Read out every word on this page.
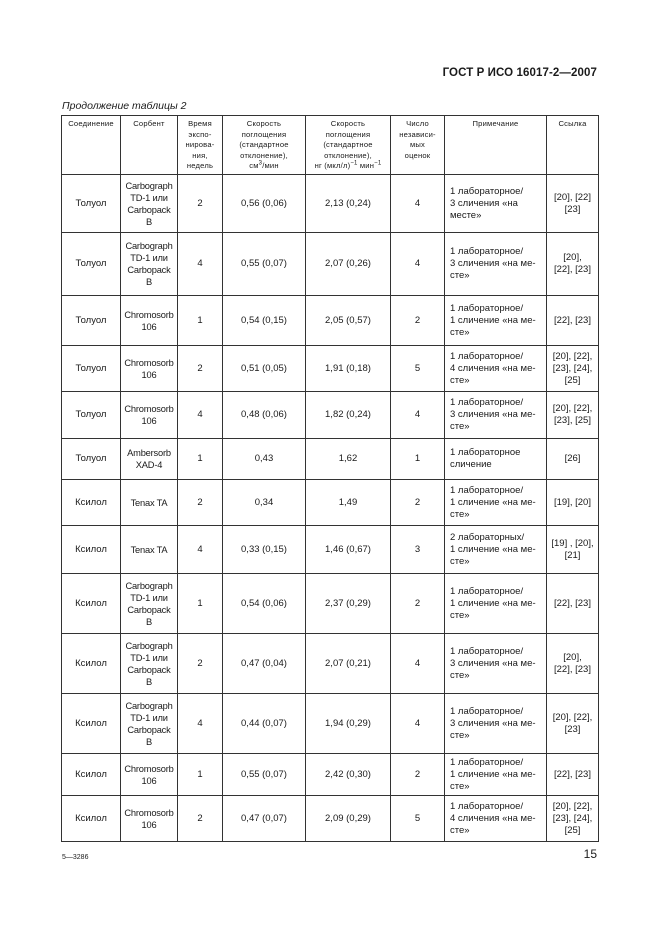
ГОСТ Р ИСО 16017-2—2007
Продолжение таблицы 2
Соединение	Сорбент	Время
экспо-
нирова-
ния,
недель	Скорость
поглощения
(стандартное
отклонение),
$см^3$/мин	Скорость
поглощения
(стандартное
отклонение),
нг $(мкл/л)^{-1}$ мин$^{-1}$	Число
независи-
мых
оценок	Примечание	Ссылка
Толуол	Carbograph
TD-1 или
Carbopack
B	2	0,56 (0,06)	2,13 (0,24)	4	1 лабораторное/
3 сличения «на
месте»	[20], [22]
[23]
Толуол	Carbograph
TD-1 или
Carbopack
B	4	0,55 (0,07)	2,07 (0,26)	4	1 лабораторное/
3 сличения «на ме-
сте»	[20],
[22], [23]
Толуол	Chromosorb
106	1	0,54 (0,15)	2,05 (0,57)	2	1 лабораторное/
1 сличение «на ме-
сте»	[22], [23]
Толуол	Chromosorb
106	2	0,51 (0,05)	1,91 (0,18)	5	1 лабораторное/
4 сличения «на ме-
сте»	[20], [22],
[23], [24],
[25]
Толуол	Chromosorb
106	4	0,48 (0,06)	1,82 (0,24)	4	1 лабораторное/
3 сличения «на ме-
сте»	[20], [22],
[23], [25]
Толуол	Ambersorb
XAD-4	1	0,43	1,62	1	1 лабораторное
сличение	[26]
Ксилол	Tenax TA	2	0,34	1,49	2	1 лабораторное/
1 сличение «на ме-
сте»	[19], [20]
Ксилол	Tenax TA	4	0,33 (0,15)	1,46 (0,67)	3	2 лабораторных/
1 сличение «на ме-
сте»	[19] , [20],
[21]
Ксилол	Carbograph
TD-1 или
Carbopack
B	1	0,54 (0,06)	2,37 (0,29)	2	1 лабораторное/
1 сличение «на ме-
сте»	[22], [23]
Ксилол	Carbograph
TD-1 или
Carbopack
B	2	0,47 (0,04)	2,07 (0,21)	4	1 лабораторное/
3 сличения «на ме-
сте»	[20],
[22], [23]
Ксилол	Carbograph
TD-1 или
Carbopack
B	4	0,44 (0,07)	1,94 (0,29)	4	1 лабораторное/
3 сличения «на ме-
сте»	[20], [22],
[23]
Ксилол	Chromosorb
106	1	0,55 (0,07)	2,42 (0,30)	2	1 лабораторное/
1 сличение «на ме-
сте»	[22], [23]
Ксилол	Chromosorb
106	2	0,47 (0,07)	2,09 (0,29)	5	1 лабораторное/
4 сличения «на ме-
сте»	[20], [22],
[23], [24],
[25]
5—3286	15
